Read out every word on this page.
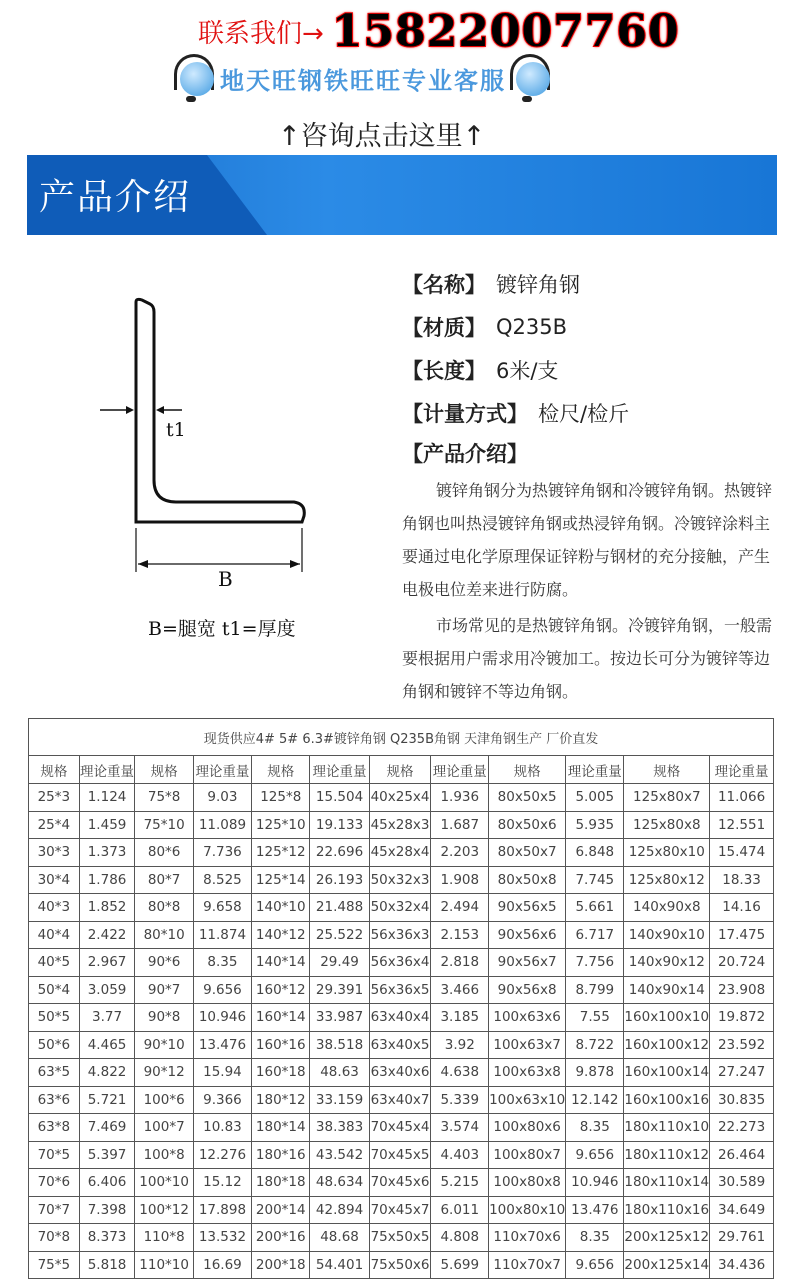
联系我们→ 15822007760
地天旺钢铁旺旺专业客服
↑咨询点击这里↑
产品介绍
t1
B
B=腿宽 t1=厚度
【名称】 镀锌角钢
【材质】 Q235B
【长度】 6米/支
【计量方式】 检尺/检斤
【产品介绍】

镀锌角钢分为热镀锌角钢和冷镀锌角钢。热镀锌角钢也叫热浸镀锌角钢或热浸锌角钢。冷镀锌涂料主要通过电化学原理保证锌粉与钢材的充分接触，产生电极电位差来进行防腐。

市场常见的是热镀锌角钢。冷镀锌角钢，一般需要根据用户需求用冷镀加工。按边长可分为镀锌等边角钢和镀锌不等边角钢。

现货供应4# 5# 6.3#镀锌角钢 Q235B角钢 天津角钢生产 厂价直发											
规格	理论重量	规格	理论重量	规格	理论重量	规格	理论重量	规格	理论重量	规格	理论重量
25*3	1.124	75*8	9.03	125*8	15.504	40x25x4	1.936	80x50x5	5.005	125x80x7	11.066
25*4	1.459	75*10	11.089	125*10	19.133	45x28x3	1.687	80x50x6	5.935	125x80x8	12.551
30*3	1.373	80*6	7.736	125*12	22.696	45x28x4	2.203	80x50x7	6.848	125x80x10	15.474
30*4	1.786	80*7	8.525	125*14	26.193	50x32x3	1.908	80x50x8	7.745	125x80x12	18.33
40*3	1.852	80*8	9.658	140*10	21.488	50x32x4	2.494	90x56x5	5.661	140x90x8	14.16
40*4	2.422	80*10	11.874	140*12	25.522	56x36x3	2.153	90x56x6	6.717	140x90x10	17.475
40*5	2.967	90*6	8.35	140*14	29.49	56x36x4	2.818	90x56x7	7.756	140x90x12	20.724
50*4	3.059	90*7	9.656	160*12	29.391	56x36x5	3.466	90x56x8	8.799	140x90x14	23.908
50*5	3.77	90*8	10.946	160*14	33.987	63x40x4	3.185	100x63x6	7.55	160x100x10	19.872
50*6	4.465	90*10	13.476	160*16	38.518	63x40x5	3.92	100x63x7	8.722	160x100x12	23.592
63*5	4.822	90*12	15.94	160*18	48.63	63x40x6	4.638	100x63x8	9.878	160x100x14	27.247
63*6	5.721	100*6	9.366	180*12	33.159	63x40x7	5.339	100x63x10	12.142	160x100x16	30.835
63*8	7.469	100*7	10.83	180*14	38.383	70x45x4	3.574	100x80x6	8.35	180x110x10	22.273
70*5	5.397	100*8	12.276	180*16	43.542	70x45x5	4.403	100x80x7	9.656	180x110x12	26.464
70*6	6.406	100*10	15.12	180*18	48.634	70x45x6	5.215	100x80x8	10.946	180x110x14	30.589
70*7	7.398	100*12	17.898	200*14	42.894	70x45x7	6.011	100x80x10	13.476	180x110x16	34.649
70*8	8.373	110*8	13.532	200*16	48.68	75x50x5	4.808	110x70x6	8.35	200x125x12	29.761
75*5	5.818	110*10	16.69	200*18	54.401	75x50x6	5.699	110x70x7	9.656	200x125x14	34.436
